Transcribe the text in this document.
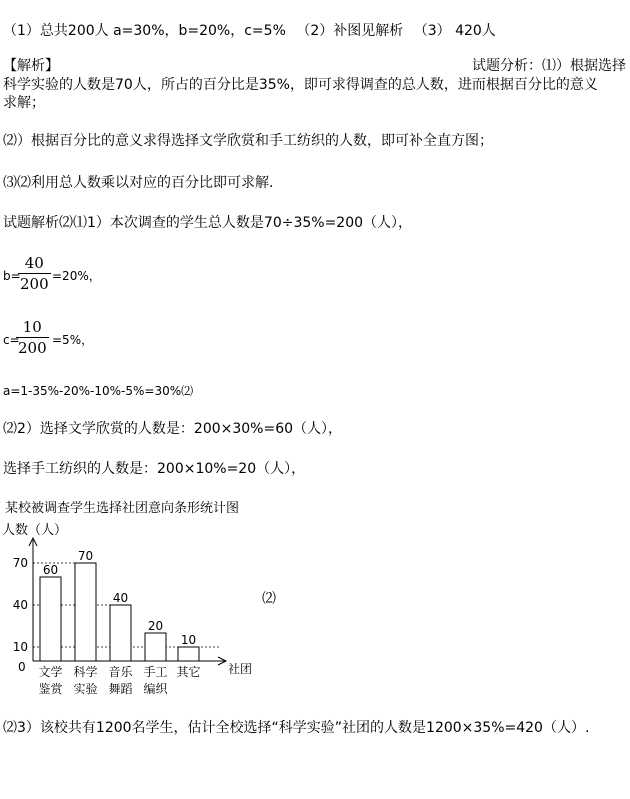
（1）总共200人 a=30%，b=20%，c=5% （2）补图见解析 （3） 420人
【解析】	试题分析：⑴）根据选择
科学实验的人数是70人，所占的百分比是35%，即可求得调查的总人数，进而根据百分比的意义
求解；
⑵）根据百分比的意义求得选择文学欣赏和手工纺织的人数，即可补全直方图；
⑶⑵利用总人数乘以对应的百分比即可求解.
试题解析⑵⑴1）本次调查的学生总人数是70÷35%=200（人），
b=
40
200 =20%，
c=
10
200 =5%，
a=1-35%-20%-10%-5%=30%⑵
⑵2）选择文学欣赏的人数是：200×30%=60（人），
选择手工纺织的人数是：200×10%=20（人），
某校被调查学生选择社团意向条形统计图
人数（人）
社团
0
10
40
70 60
文学
鉴赏
70
科学
实验
40
音乐
舞蹈
20
手工
编织
10
其它
⑵
⑵3）该校共有1200名学生，估计全校选择“科学实验”社团的人数是1200×35%=420（人）.
